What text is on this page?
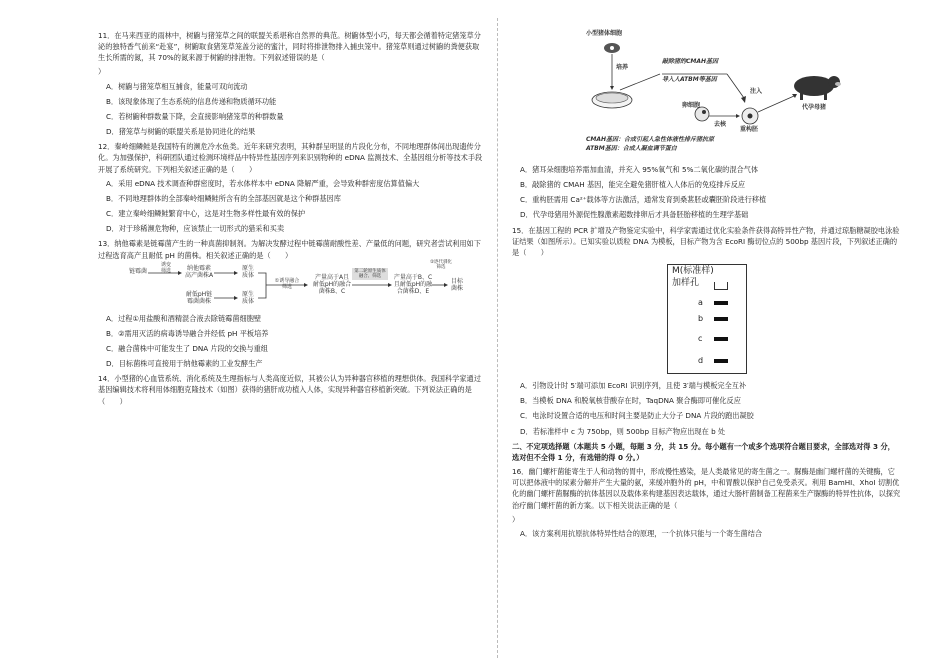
11．在马来西亚的雨林中，树鼩与猪笼草之间的联盟关系堪称自然界的典范。树鼩体型小巧，每天都会循着特定猪笼草分泌的独特香气前来“赴宴”，树鼩取食猪笼草笼盖分泌的蜜汁，同时将排泄物排入捕虫笼中。猪笼草则通过树鼩的粪便获取生长所需的氮，其 70%的氮来源于树鼩的排泄物。下列叙述错误的是（

）

A．树鼩与猪笼草相互捕食，能量可双向流动

B．该现象体现了生态系统的信息传递和物质循环功能

C．若树鼩种群数量下降，会直接影响猪笼草的种群数量

D．猪笼草与树鼩的联盟关系是协同进化的结果

12．秦岭细鳞鲑是我国特有的濒危冷水鱼类。近年来研究表明，其种群呈明显的片段化分布，不同地理群体间出现遗传分化。为加强保护，科研团队通过检测环境样品中特异性基因序列来识别物种的 eDNA 监测技术、全基因组分析等技术手段开展了系统研究。下列相关叙述正确的是（　　）

A．采用 eDNA 技术调查种群密度时，若水体样本中 eDNA 降解严重，会导致种群密度估算值偏大

B．不同地理群体的全部秦岭细鳞鲑所含有的全部基因就是这个种群基因库

C．建立秦岭细鳞鲑繁育中心，这是对生物多样性最有效的保护

D．对于珍稀濒危物种，应该禁止一切形式的猎采和买卖

13．纳他霉素是链霉菌产生的一种真菌抑制剂。为解决发酵过程中链霉菌耐酸性差、产量低的问题，研究者尝试利用如下过程选育高产且耐低 pH 的菌株。相关叙述正确的是（　　）

链霉菌
诱变
筛选	纳他霉素
高产菌株A
耐低pH链
霉菌菌株
原生
质体
原生
质体
①诱导融合
筛选
产量高于A且
耐低pH的融合
菌株B、C
第二轮原生质体
融合、筛选	产量高于B、C
且耐低pH的融
合菌株D、E
②逐代驯化
筛选
目标
菌株

A．过程①用盐酸和酒精混合液去除链霉菌细胞壁

B．②需用灭活的病毒诱导融合并经低 pH 平板培养

C．融合菌株中可能发生了 DNA 片段的交换与重组

D．目标菌株可直接用于纳他霉素的工业发酵生产

14．小型猪的心血管系统、消化系统及生理指标与人类高度近似，其被公认为异种器官移植的理想供体。我国科学家通过基因编辑技术将利用体细胞克隆技术（如图）获得的猪肝成功植入人体，实现异种器官移植新突破。下列说法正确的是（　　）

小型猪体细胞
培养
敲除猪的CMAH基因
导入人ATBM等基因
卵细胞
去核
注入
重构胚
代孕母猪
CMAH基因：合成引起人急性体液性排斥猪抗原
ATBM基因：合成人凝血调节蛋白

A．猪耳朵细胞培养需加血清，并充入 95%氧气和 5%二氧化碳的混合气体

B．敲除猪的 CMAH 基因，能完全避免猪肝植入人体后的免疫排斥反应

C．重构胚需用 Ca²⁺载体等方法激活，通常发育到桑葚胚或囊胚阶段进行移植

D．代孕母猪用外源促性腺激素超数排卵后才具备胚胎移植的生理学基础

15．在基因工程的 PCR 扩增及产物鉴定实验中，科学家需通过优化实验条件获得高特异性产物，并通过琼脂糖凝胶电泳验证结果（如图所示）。已知实验以质粒 DNA 为模板，目标产物为含 EcoRI 酶切位点的 500bp 基因片段，下列叙述正确的是（　　）

M(标准样)
加样孔
a
b
c
d

A．引物设计时 5′端可添加 EcoRI 识别序列，且使 3′端与模板完全互补

B．当模板 DNA 和脱氧核苷酸存在时，TaqDNA 聚合酶即可催化反应

C．电泳时设置合适的电压和时间主要是防止大分子 DNA 片段的跑出凝胶

D．若标准样中 c 为 750bp，则 500bp 目标产物应出现在 b 处

二、不定项选择题（本题共 5 小题，每题 3 分，共 15 分。每小题有一个或多个选项符合题目要求，全部选对得 3 分，选对但不全得 1 分，有选错的得 0 分。）

16．幽门螺杆菌能寄生于人和动物的胃中，形成慢性感染，是人类最常见的寄生菌之一。脲酶是幽门螺杆菌的关键酶，它可以把体液中的尿素分解并产生大量的氨，来缓冲胞外的 pH，中和胃酸以保护自己免受杀灭。利用 BamHI、XhoI 切割优化的幽门螺杆菌脲酶的抗体基因以及载体来构建基因表达载体，通过大肠杆菌制备工程菌来生产脲酶的特异性抗体，以探究治疗幽门螺杆菌的新方案。以下相关说法正确的是（

）

A．该方案利用抗原抗体特异性结合的原理，一个抗体只能与一个寄生菌结合
